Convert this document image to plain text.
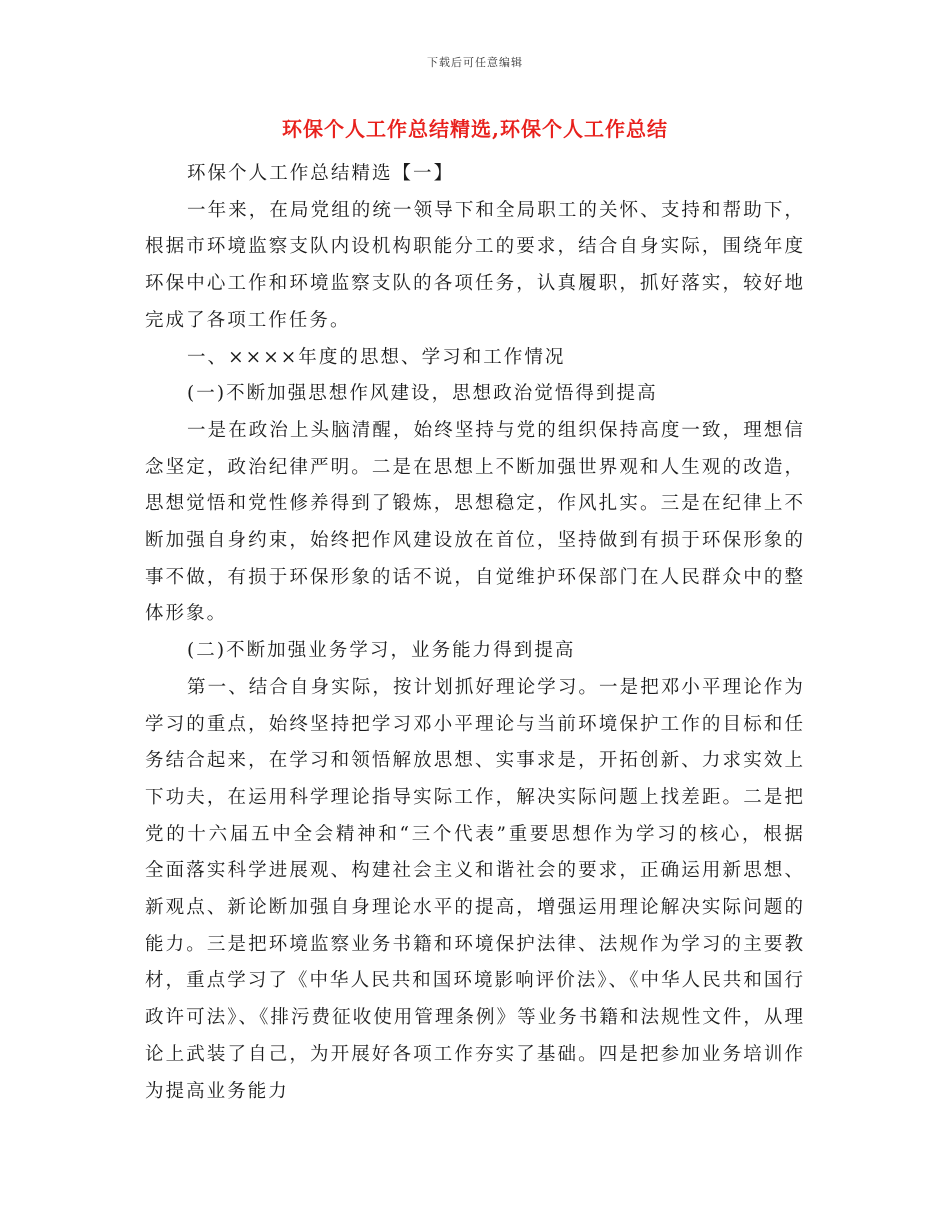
下载后可任意编辑
环保个人工作总结精选,环保个人工作总结

环保个人工作总结精选【一】

一年来，在局党组的统一领导下和全局职工的关怀、支持和帮助下，根据市环境监察支队内设机构职能分工的要求，结合自身实际，围绕年度环保中心工作和环境监察支队的各项任务，认真履职，抓好落实，较好地完成了各项工作任务。

一、××××年度的思想、学习和工作情况

(一)不断加强思想作风建设，思想政治觉悟得到提高

一是在政治上头脑清醒，始终坚持与党的组织保持高度一致，理想信念坚定，政治纪律严明。二是在思想上不断加强世界观和人生观的改造，思想觉悟和党性修养得到了锻炼，思想稳定，作风扎实。三是在纪律上不断加强自身约束，始终把作风建设放在首位，坚持做到有损于环保形象的事不做，有损于环保形象的话不说，自觉维护环保部门在人民群众中的整体形象。

(二)不断加强业务学习，业务能力得到提高

第一、结合自身实际，按计划抓好理论学习。一是把邓小平理论作为学习的重点，始终坚持把学习邓小平理论与当前环境保护工作的目标和任务结合起来，在学习和领悟解放思想、实事求是，开拓创新、力求实效上下功夫，在运用科学理论指导实际工作，解决实际问题上找差距。二是把党的十六届五中全会精神和“三个代表”重要思想作为学习的核心，根据全面落实科学进展观、构建社会主义和谐社会的要求，正确运用新思想、新观点、新论断加强自身理论水平的提高，增强运用理论解决实际问题的能力。三是把环境监察业务书籍和环境保护法律、法规作为学习的主要教材，重点学习了《中华人民共和国环境影响评价法》、《中华人民共和国行政许可法》、《排污费征收使用管理条例》等业务书籍和法规性文件，从理论上武装了自己，为开展好各项工作夯实了基础。四是把参加业务培训作为提高业务能力
